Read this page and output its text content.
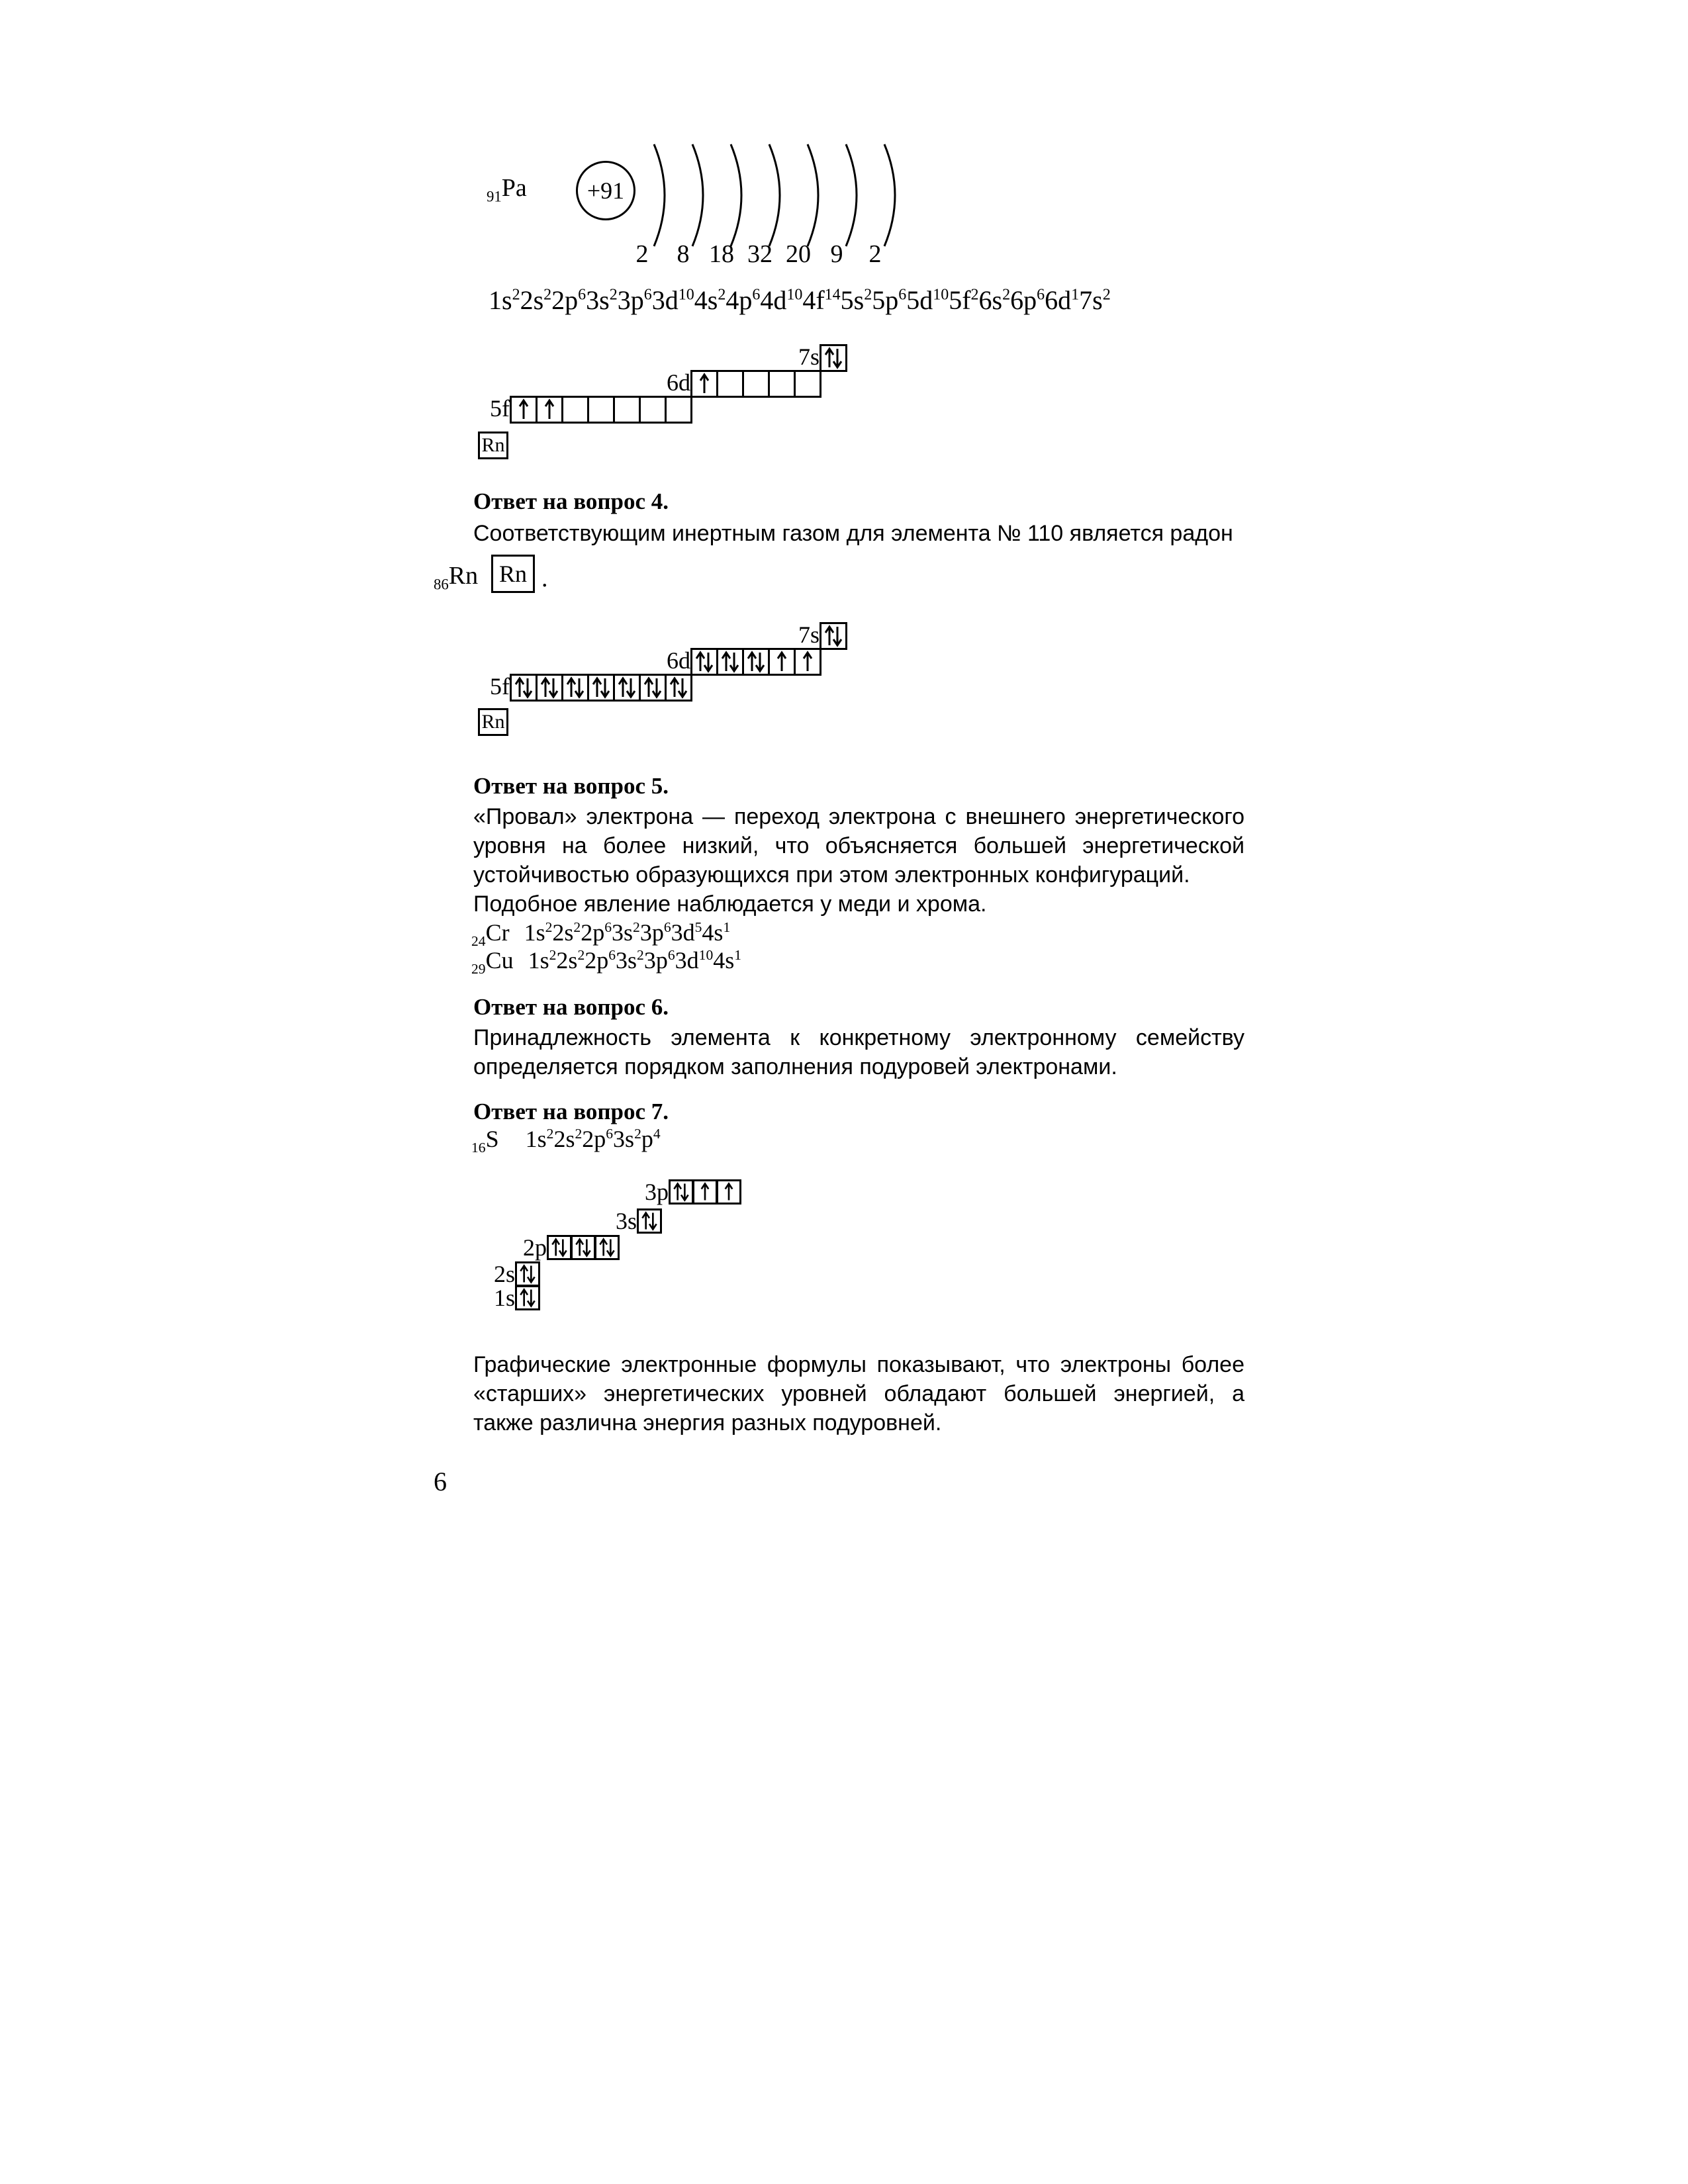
$_{91}$Pa	+91
2	8 18 32 20 9	2
$1s^22s^22p^63s^23p^63d^{10}4s^24p^64d^{10}4f^{14}5s^25p^65d^{10}5f^26s^26p^66d^17s^2$
Rn
5f
6d
7s
Ответ на вопрос 4.
Соответствующим инертным газом для элемента № 110 является радон
$_{86}$Rn Rn .
Rn
5f
6d
7s
Ответ на вопрос 5.
«Провал» электрона — переход электрона с внешнего энергетического уровня на более низкий, что объясняется большей энергетической устойчивостью образующихся при этом электронных конфигураций.
Подобное явление наблюдается у меди и хрома.
$_{24}$Cr $1s^22s^22p^63s^23p^63d^54s^1$
$_{29}$Cu $1s^22s^22p^63s^23p^63d^{10}4s^1$
Ответ на вопрос 6.
Принадлежность элемента к конкретному электронному семейству определяется порядком заполнения подуровей электронами.
Ответ на вопрос 7.
$_{16}$S $1s^22s^22p^63s^2p^4$
1s
2s
2p
3s
3p
Графические электронные формулы показывают, что электроны более «старших» энергетических уровней обладают большей энергией, а также различна энергия разных подуровней.
6
